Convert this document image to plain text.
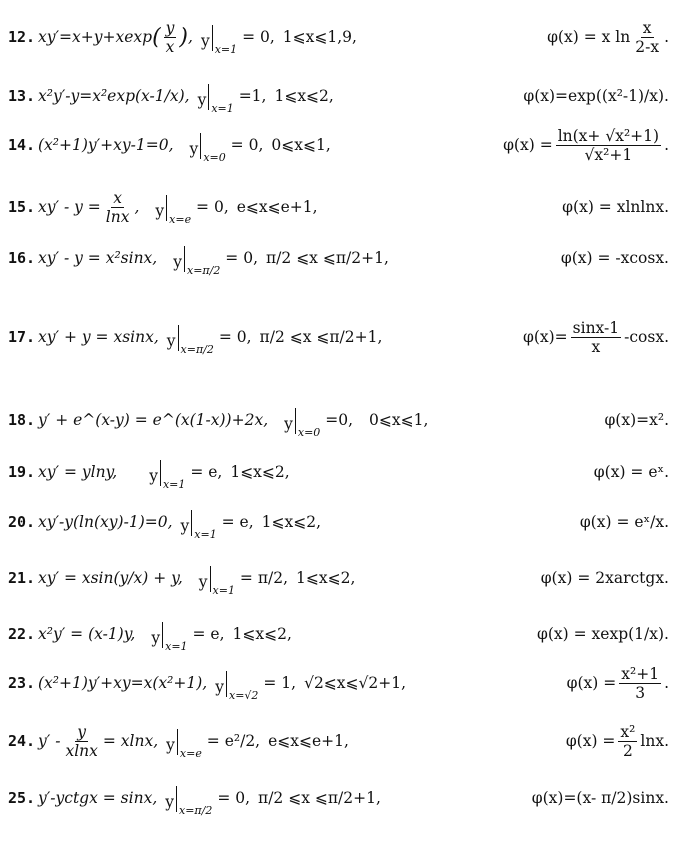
12. $xy'=x+y+xexp( \frac{y}{x}$ ), y x=1
= 0, 1⩽x⩽1,9,	φ(x) = x $\ln \frac{x}{2-x}$ .
13. x²y′-y=x²exp(x-1/x), y x=1
=1, 1⩽x⩽2,	φ(x)=exp((x²-1)/x).
14. (x²+1)y′+xy-1=0, y x=0
= 0, 0⩽x⩽1,	$\varphi(x) = \frac{\text{ln(x+ √x²+1)}}{\text{√x²+1}}$ .
15. $xy' - y = \frac{x}{\ln x}$ , y x=e
= 0, e⩽x⩽e+1,	φ(x) = xlnlnx.
16. xy′ - y = x²sinx, y x=π/2
= 0, π/2 ⩽x ⩽π/2+1,	φ(x) = -xcosx.
17. xy′ + y = xsinx, y x=π/2
= 0, π/2 ⩽x ⩽π/2+1,	$\varphi(x)= \frac{\sin x-1}{x} -\cos x$.
18. y′ + e^(x-y) = e^(x(1-x))+2x, y x=0
=0, 0⩽x⩽1,	φ(x)=x².
19. xy′ = ylny, y x=1
= e, 1⩽x⩽2,	φ(x) = eˣ.
20. xy′-y(ln(xy)-1)=0, y x=1
= e, 1⩽x⩽2,	φ(x) = eˣ/x.
21. xy′ = xsin(y/x) + y, y x=1
= π/2, 1⩽x⩽2,	φ(x) = 2xarctgx.
22. x²y′ = (x-1)y, y x=1
= e, 1⩽x⩽2,	φ(x) = xexp(1/x).
23. (x²+1)y′+xy=x(x²+1), y x=√2
= 1, √2⩽x⩽√2+1,	$\varphi(x) = \frac{\text{x²+1}}{3}$ .
24. $y' - \frac{y}{xlnx} = xlnx$, y x=e
= e²/2, e⩽x⩽e+1,	$\varphi(x) = \frac{\text{x²}}{2} \ln x$.
25. y′-yctgx = sinx, y x=π/2
= 0, π/2 ⩽x ⩽π/2+1,	φ(x)=(x- π/2)sinx.
